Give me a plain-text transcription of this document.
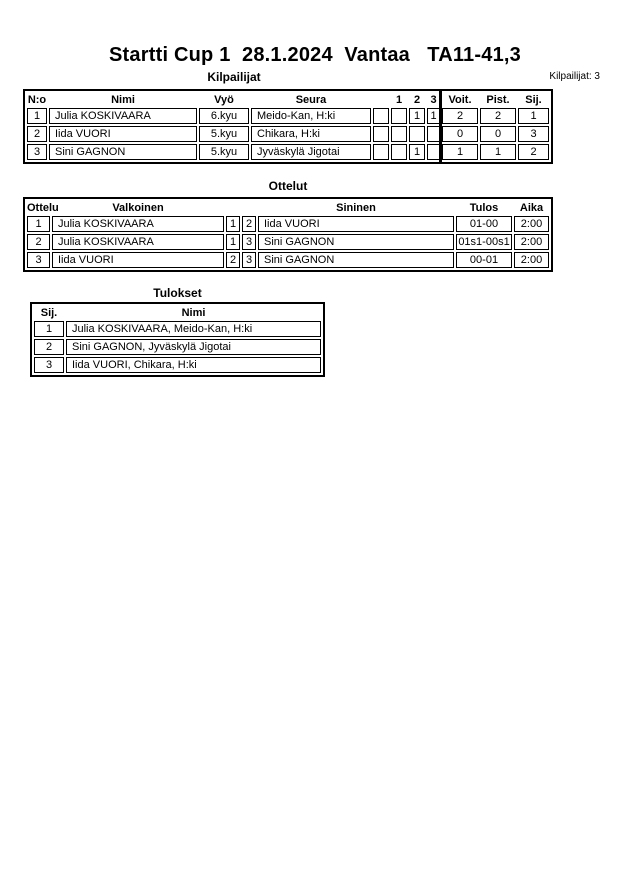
Startti Cup 1  28.1.2024  Vantaa   TA11-41,3
Kilpailijat	Kilpailijat: 3
N:o	Nimi	Vyö	Seura		1	2	3	Voit.	Pist.	Sij.
1	Julia KOSKIVAARA	6.kyu	Meido-Kan, H:ki			1	1	2	2	1
2	Iida VUORI	5.kyu	Chikara, H:ki					0	0	3
3	Sini GAGNON	5.kyu	Jyväskylä Jigotai			1		1	1	2
Ottelut
Ottelu	Valkoinen			Sininen	Tulos	Aika
1	Julia KOSKIVAARA	1	2	Iida VUORI	01-00	2:00
2	Julia KOSKIVAARA	1	3	Sini GAGNON	01s1-00s1	2:00
3	Iida VUORI	2	3	Sini GAGNON	00-01	2:00
Tulokset
Sij.	Nimi
1	Julia KOSKIVAARA, Meido-Kan, H:ki
2	Sini GAGNON, Jyväskylä Jigotai
3	Iida VUORI, Chikara, H:ki
